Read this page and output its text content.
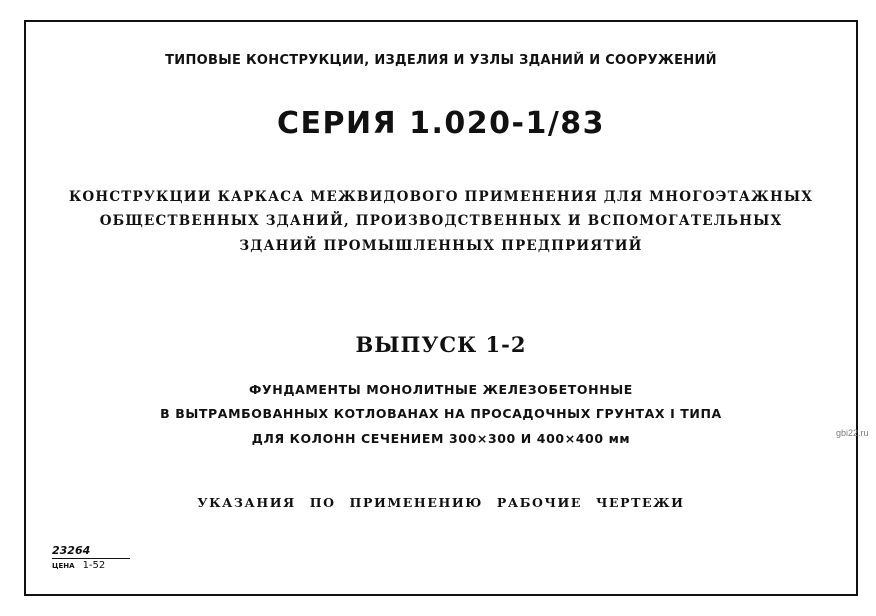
ТИПОВЫЕ КОНСТРУКЦИИ, ИЗДЕЛИЯ И УЗЛЫ ЗДАНИЙ И СООРУЖЕНИЙ
СЕРИЯ 1.020-1/83
КОНСТРУКЦИИ КАРКАСА МЕЖВИДОВОГО ПРИМЕНЕНИЯ ДЛЯ МНОГОЭТАЖНЫХ
ОБЩЕСТВЕННЫХ ЗДАНИЙ, ПРОИЗВОДСТВЕННЫХ И ВСПОМОГАТЕЛЬНЫХ
ЗДАНИЙ ПРОМЫШЛЕННЫХ ПРЕДПРИЯТИЙ
ВЫПУСК 1-2
ФУНДАМЕНТЫ МОНОЛИТНЫЕ ЖЕЛЕЗОБЕТОННЫЕ
В ВЫТРАМБОВАННЫХ КОТЛОВАНАХ НА ПРОСАДОЧНЫХ ГРУНТАХ I ТИПА
ДЛЯ КОЛОНН СЕЧЕНИЕМ 300×300 И 400×400 мм
УКАЗАНИЯ ПО ПРИМЕНЕНИЮ РАБОЧИЕ ЧЕРТЕЖИ
23264
ЦЕНА 1-52
gbi22.ru
